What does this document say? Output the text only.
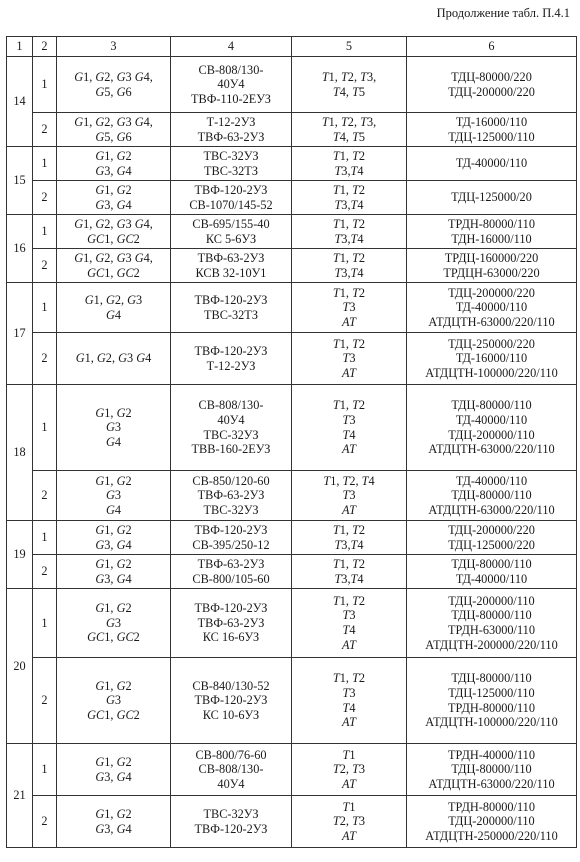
Продолжение табл. П.4.1
1	2	3	4	5	6
14	1	G1, G2, G3 G4,
G5, G6	СВ-808/130-
40У4
ТВФ-110-2ЕУЗ	T1, T2, T3,
T4, T5	ТДЦ-80000/220
ТДЦ-200000/220
	2	G1, G2, G3 G4,
G5, G6	Т-12-2УЗ
ТВФ-63-2УЗ	T1, T2, T3,
T4, T5	ТД-16000/110
ТДЦ-125000/110
15	1	G1, G2
G3, G4	ТВС-32УЗ
ТВС-32ТЗ	T1, T2
T3,T4	ТД-40000/110
	2	G1, G2
G3, G4	ТВФ-120-2УЗ
СВ-1070/145-52	T1, T2
T3,T4	ТДЦ-125000/20
16	1	G1, G2, G3 G4,
GC1, GC2	СВ-695/155-40
КС 5-6УЗ	T1, T2
T3,T4	ТРДН-80000/110
ТДН-16000/110
	2	G1, G2, G3 G4,
GC1, GC2	ТВФ-63-2УЗ
КСВ 32-10У1	T1, T2
T3,T4	ТРДЦ-160000/220
ТРДЦН-63000/220
17	1	G1, G2, G3
G4	ТВФ-120-2УЗ
ТВС-32ТЗ	T1, T2
T3
AT	ТДЦ-200000/220
ТД-40000/110
АТДЦТН-63000/220/110
	2	G1, G2, G3 G4	ТВФ-120-2УЗ
Т-12-2УЗ	T1, T2
T3
AT	ТДЦ-250000/220
ТД-16000/110
АТДЦТН-100000/220/110
18	1	G1, G2
G3
G4	СВ-808/130-
40У4
ТВС-32УЗ
ТВВ-160-2ЕУЗ	T1, T2
T3
T4
AT	ТДЦ-80000/110
ТД-40000/110
ТДЦ-200000/110
АТДЦТН-63000/220/110
	2	G1, G2
G3
G4	СВ-850/120-60
ТВФ-63-2УЗ
ТВС-32УЗ	T1, T2, T4
T3
AT	ТД-40000/110
ТДЦ-80000/110
АТДЦТН-63000/220/110
19	1	G1, G2
G3, G4	ТВФ-120-2УЗ
СВ-395/250-12	T1, T2
T3,T4	ТДЦ-200000/220
ТДЦ-125000/220
	2	G1, G2
G3, G4	ТВФ-63-2УЗ
СВ-800/105-60	T1, T2
T3,T4	ТДЦ-80000/110
ТД-40000/110
20	1	G1, G2
G3
GC1, GC2	ТВФ-120-2УЗ
ТВФ-63-2УЗ
КС 16-6УЗ	T1, T2
T3
T4
AT	ТДЦ-200000/110
ТДЦ-80000/110
ТРДН-63000/110
АТДЦТН-200000/220/110
	2	G1, G2
G3
GC1, GC2	СВ-840/130-52
ТВФ-120-2УЗ
КС 10-6УЗ	T1, T2
T3
T4
AT	ТДЦ-80000/110
ТДЦ-125000/110
ТРДН-80000/110
АТДЦТН-100000/220/110
21	1	G1, G2
G3, G4	СВ-800/76-60
СВ-808/130-
40У4	T1
T2, T3
AT	ТРДН-40000/110
ТДЦ-80000/110
АТДЦТН-63000/220/110
	2	G1, G2
G3, G4	ТВС-32УЗ
ТВФ-120-2УЗ	T1
T2, T3
AT	ТРДН-80000/110
ТДЦ-200000/110
АТДЦТН-250000/220/110
